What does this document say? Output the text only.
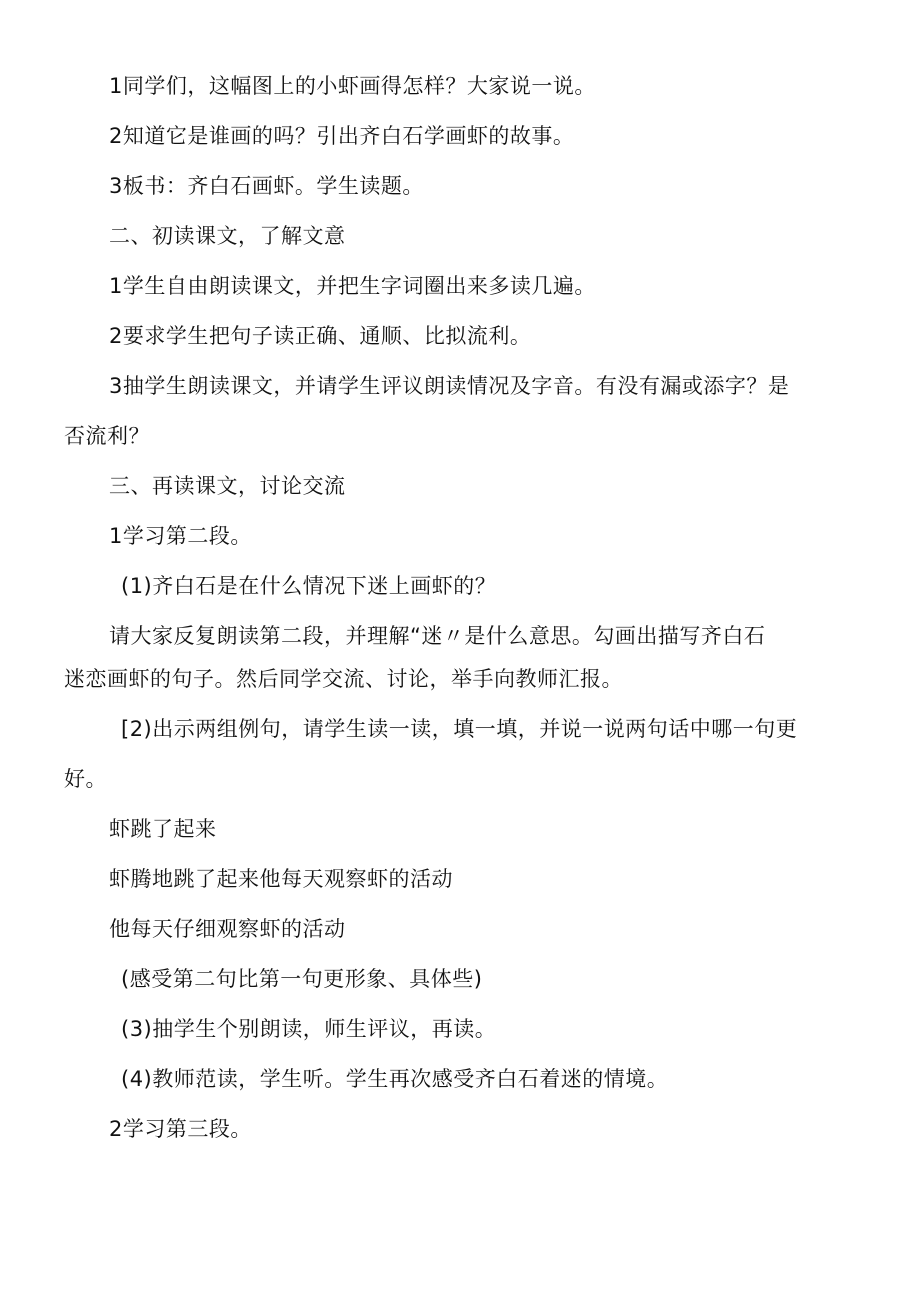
1同学们，这幅图上的小虾画得怎样？大家说一说。
2知道它是谁画的吗？引出齐白石学画虾的故事。
3板书：齐白石画虾。学生读题。
二、初读课文，了解文意
1学生自由朗读课文，并把生字词圈出来多读几遍。
2要求学生把句子读正确、通顺、比拟流利。
3抽学生朗读课文，并请学生评议朗读情况及字音。有没有漏或添字？是
否流利？
三、再读课文，讨论交流
1学习第二段。
(1)齐白石是在什么情况下迷上画虾的？
请大家反复朗读第二段，并理解“迷〃是什么意思。勾画出描写齐白石
迷恋画虾的句子。然后同学交流、讨论，举手向教师汇报。
[2)出示两组例句，请学生读一读，填一填，并说一说两句话中哪一句更
好。
虾跳了起来
虾腾地跳了起来他每天观察虾的活动
他每天仔细观察虾的活动
(感受第二句比第一句更形象、具体些)
(3)抽学生个别朗读，师生评议，再读。
(4)教师范读，学生听。学生再次感受齐白石着迷的情境。
2学习第三段。
